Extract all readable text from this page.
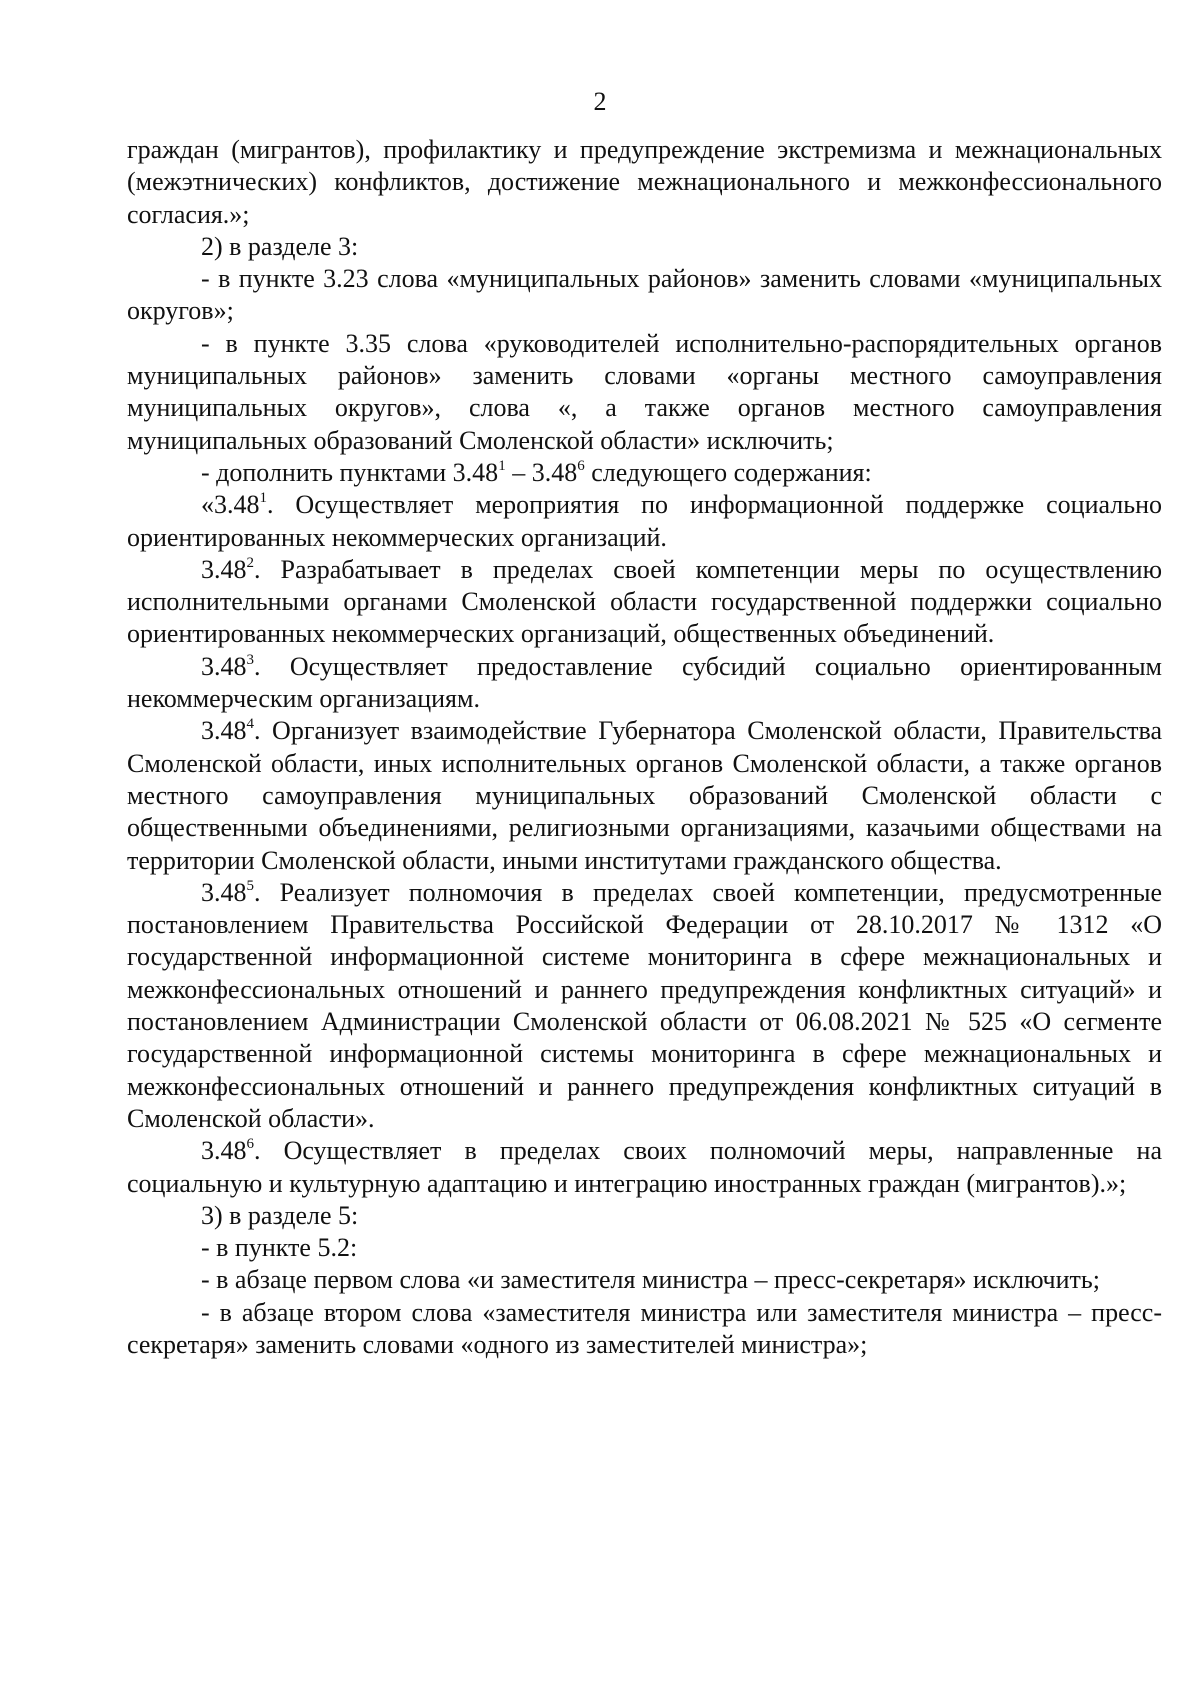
2

граждан (мигрантов), профилактику и предупреждение экстремизма и межнациональных (межэтнических) конфликтов, достижение межнационального и межконфессионального согласия.»;

2) в разделе 3:

- в пункте 3.23 слова «муниципальных районов» заменить словами «муниципальных округов»;

- в пункте 3.35 слова «руководителей исполнительно-распорядительных органов муниципальных районов» заменить словами «органы местного самоуправления муниципальных округов», слова «, а также органов местного самоуправления муниципальных образований Смоленской области» исключить;

- дополнить пунктами 3.48$^1$ – 3.48$^6$ следующего содержания:

«3.48$^1$. Осуществляет мероприятия по информационной поддержке социально ориентированных некоммерческих организаций.

3.48$^2$. Разрабатывает в пределах своей компетенции меры по осуществлению исполнительными органами Смоленской области государственной поддержки социально ориентированных некоммерческих организаций, общественных объединений.

3.48$^3$. Осуществляет предоставление субсидий социально ориентированным некоммерческим организациям.

3.48$^4$. Организует взаимодействие Губернатора Смоленской области, Правительства Смоленской области, иных исполнительных органов Смоленской области, а также органов местного самоуправления муниципальных образований Смоленской области с общественными объединениями, религиозными организациями, казачьими обществами на территории Смоленской области, иными институтами гражданского общества.

3.48$^5$. Реализует полномочия в пределах своей компетенции, предусмотренные постановлением Правительства Российской Федерации от 28.10.2017 № 1312 «О государственной информационной системе мониторинга в сфере межнациональных и межконфессиональных отношений и раннего предупреждения конфликтных ситуаций» и постановлением Администрации Смоленской области от 06.08.2021 № 525 «О сегменте государственной информационной системы мониторинга в сфере межнациональных и межконфессиональных отношений и раннего предупреждения конфликтных ситуаций в Смоленской области».

3.48$^6$. Осуществляет в пределах своих полномочий меры, направленные на социальную и культурную адаптацию и интеграцию иностранных граждан (мигрантов).»;

3) в разделе 5:

- в пункте 5.2:

- в абзаце первом слова «и заместителя министра – пресс-секретаря» исключить;

- в абзаце втором слова «заместителя министра или заместителя министра – пресс-секретаря» заменить словами «одного из заместителей министра»;
